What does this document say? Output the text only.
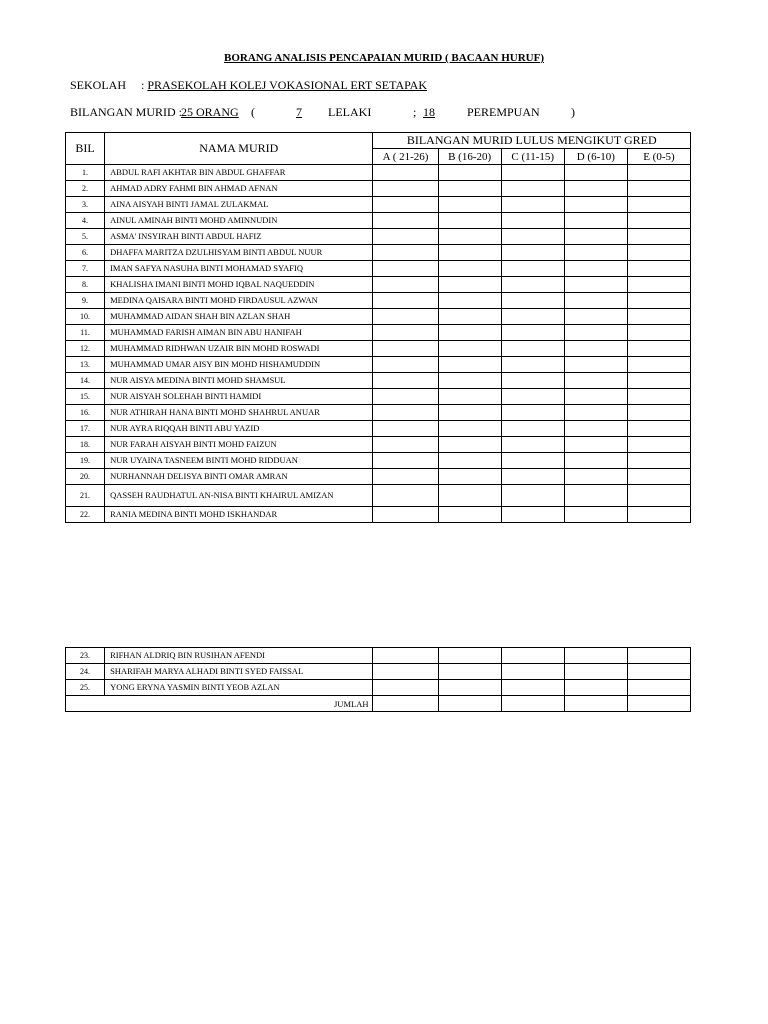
BORANG ANALISIS PENCAPAIAN MURID ( BACAAN HURUF)
SEKOLAH : PRASEKOLAH KOLEJ VOKASIONAL ERT SETAPAK
BILANGAN MURID : 25 ORANG (	7 LELAKI	; 18	PEREMPUAN	)
BIL	NAMA MURID	BILANGAN MURID LULUS MENGIKUT GRED				
		A ( 21-26)	B (16-20)	C (11-15)	D (6-10)	E (0-5)
1.	ABDUL RAFI AKHTAR BIN ABDUL GHAFFAR					
2.	AHMAD ADRY FAHMI BIN AHMAD AFNAN					
3.	AINA AISYAH BINTI JAMAL ZULAKMAL					
4.	AINUL AMINAH BINTI MOHD AMINNUDIN					
5.	ASMA' INSYIRAH BINTI ABDUL HAFIZ					
6.	DHAFFA MARITZA DZULHISYAM BINTI ABDUL NUUR					
7.	IMAN SAFYA NASUHA BINTI MOHAMAD SYAFIQ					
8.	KHALISHA IMANI BINTI MOHD IQBAL NAQUEDDIN					
9.	MEDINA QAISARA BINTI MOHD FIRDAUSUL AZWAN					
10.	MUHAMMAD AIDAN SHAH BIN AZLAN SHAH					
11.	MUHAMMAD FARISH AIMAN BIN ABU HANIFAH					
12.	MUHAMMAD RIDHWAN UZAIR BIN MOHD ROSWADI					
13.	MUHAMMAD UMAR AISY BIN MOHD HISHAMUDDIN					
14.	NUR AISYA MEDINA BINTI MOHD SHAMSUL					
15.	NUR AISYAH SOLEHAH BINTI HAMIDI					
16.	NUR ATHIRAH HANA BINTI MOHD SHAHRUL ANUAR					
17.	NUR AYRA RIQQAH BINTI ABU YAZID					
18.	NUR FARAH AISYAH BINTI MOHD FAIZUN					
19.	NUR UYAINA TASNEEM BINTI MOHD RIDDUAN					
20.	NURHANNAH DELISYA BINTI OMAR AMRAN					
21.	QASSEH RAUDHATUL AN-NISA BINTI KHAIRUL AMIZAN					
22.	RANIA MEDINA BINTI MOHD ISKHANDAR					
23.	RIFHAN ALDRIQ BIN RUSIHAN AFENDI					
24.	SHARIFAH MARYA ALHADI BINTI SYED FAISSAL					
25.	YONG ERYNA YASMIN BINTI YEOB AZLAN					
JUMLAH						
